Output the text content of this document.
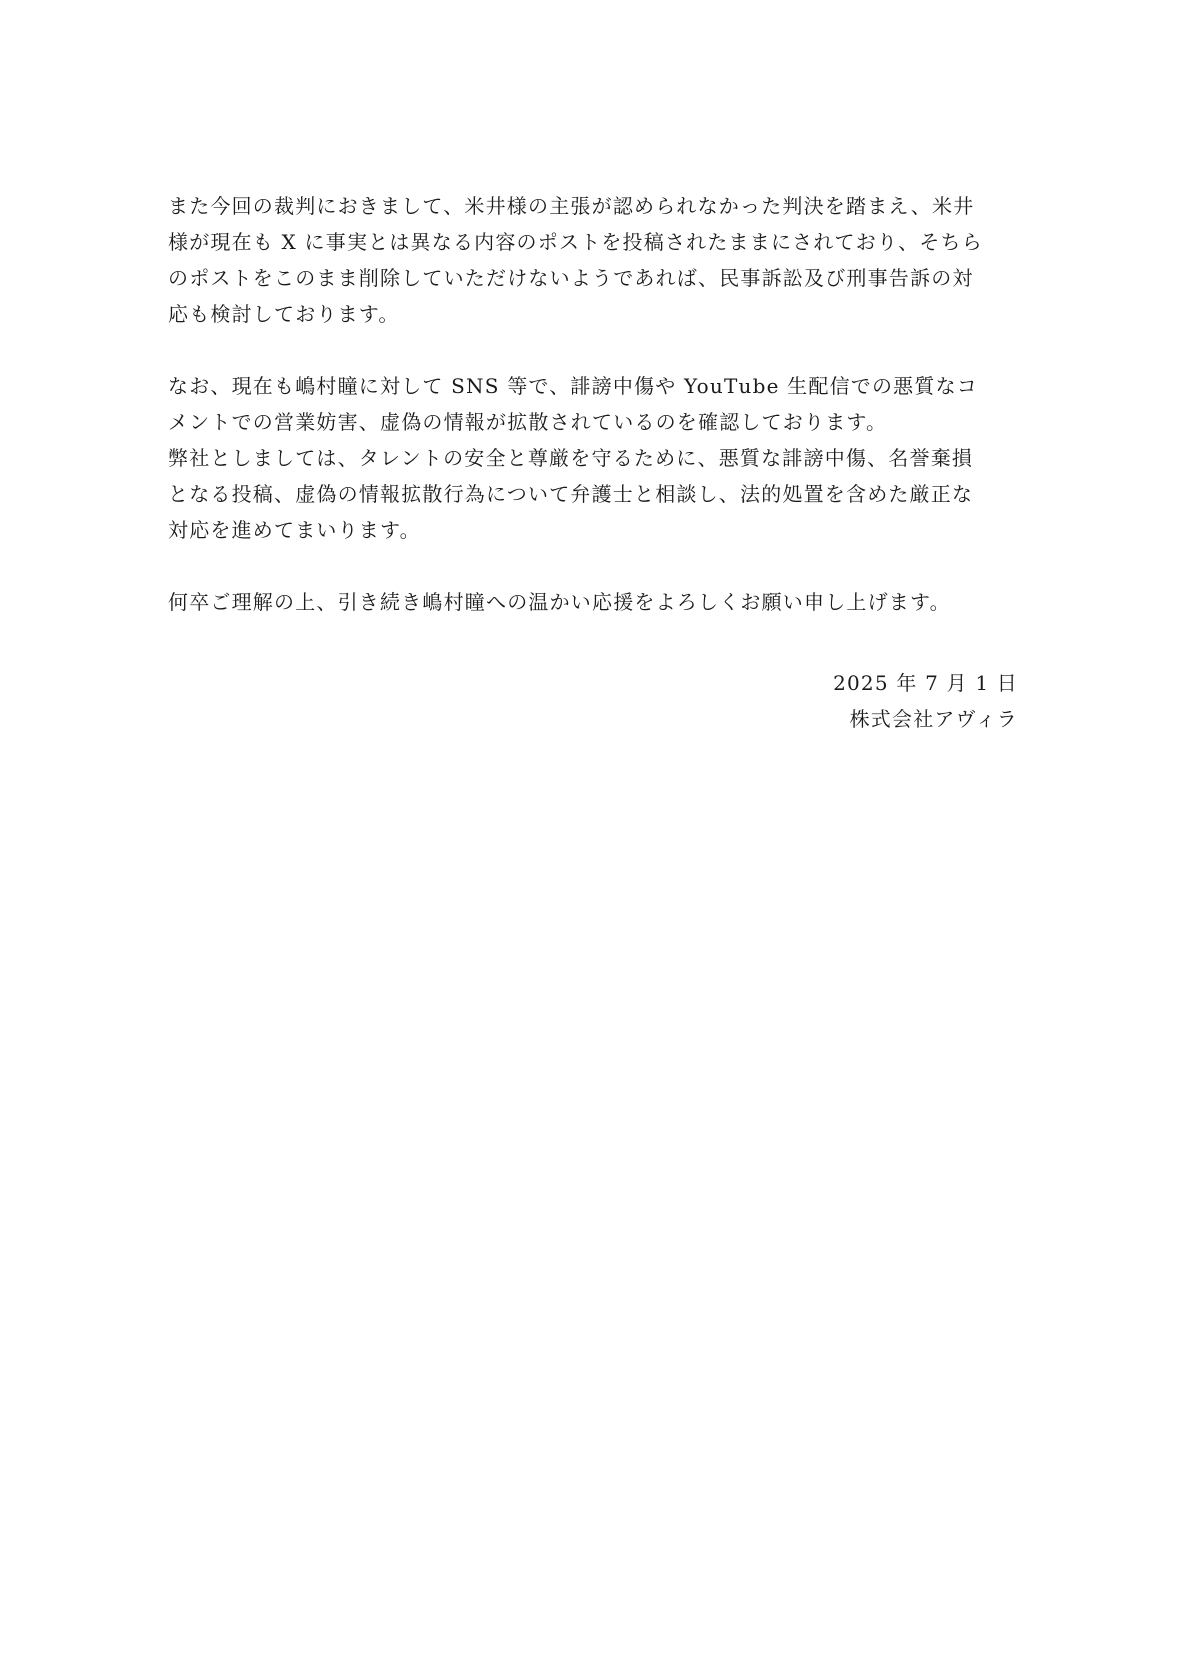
また今回の裁判におきまして、米井様の主張が認められなかった判決を踏まえ、米井
様が現在も X に事実とは異なる内容のポストを投稿されたままにされており、そちら
のポストをこのまま削除していただけないようであれば、民事訴訟及び刑事告訴の対
応も検討しております。
なお、現在も嶋村瞳に対して SNS 等で、誹謗中傷や YouTube 生配信での悪質なコ
メントでの営業妨害、虚偽の情報が拡散されているのを確認しております。
弊社としましては、タレントの安全と尊厳を守るために、悪質な誹謗中傷、名誉棄損
となる投稿、虚偽の情報拡散行為について弁護士と相談し、法的処置を含めた厳正な
対応を進めてまいります。
何卒ご理解の上、引き続き嶋村瞳への温かい応援をよろしくお願い申し上げます。
2025 年 7 月 1 日
株式会社アヴィラ
